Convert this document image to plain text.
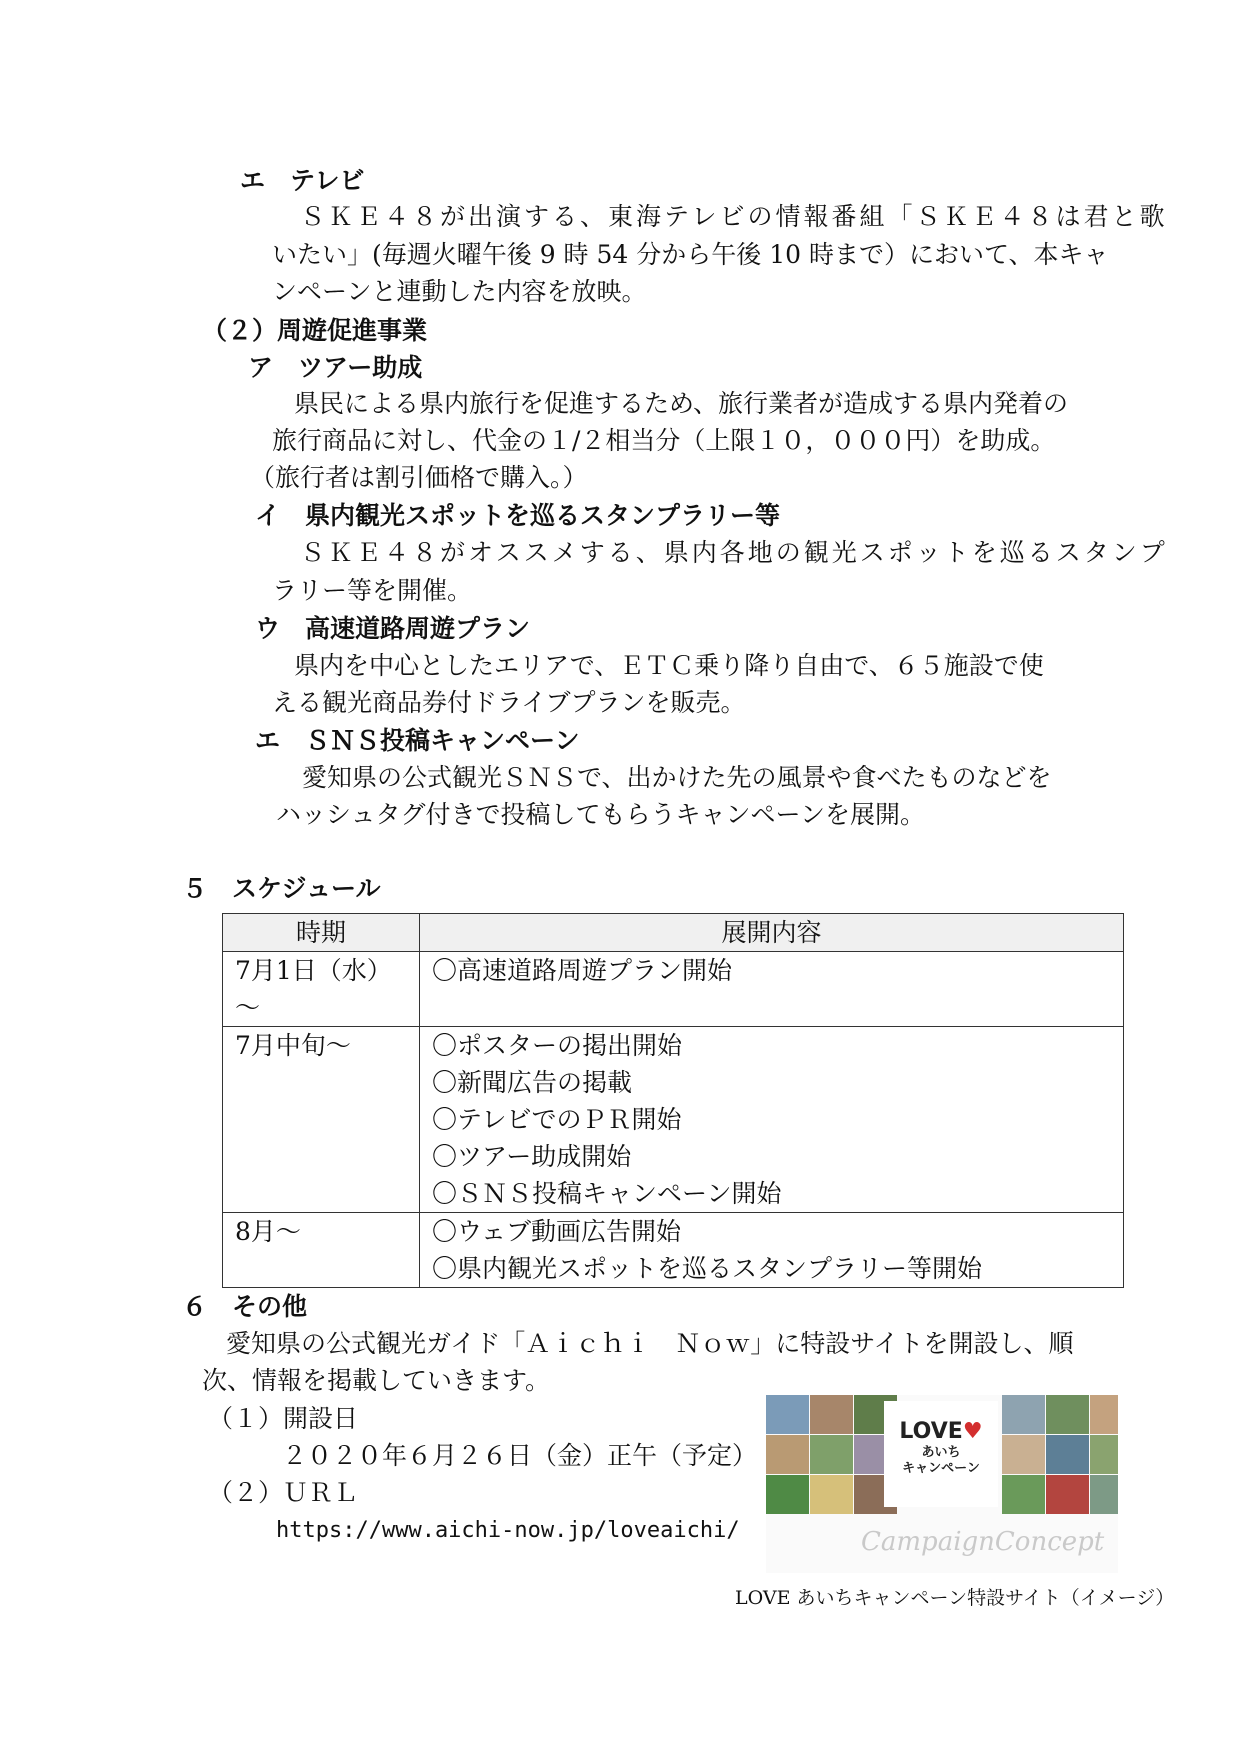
エ　テレビ
ＳＫＥ４８が出演する、東海テレビの情報番組「ＳＫＥ４８は君と歌
いたい」(毎週火曜午後 9 時 54 分から午後 10 時まで）において、本キャ
ンペーンと連動した内容を放映。
（２）周遊促進事業
ア　ツアー助成
県民による県内旅行を促進するため、旅行業者が造成する県内発着の
旅行商品に対し、代金の１/２相当分（上限１０，０００円）を助成。
（旅行者は割引価格で購入。）
イ　県内観光スポットを巡るスタンプラリー等
ＳＫＥ４８がオススメする、県内各地の観光スポットを巡るスタンプ
ラリー等を開催。
ウ　高速道路周遊プラン
県内を中心としたエリアで、ＥＴＣ乗り降り自由で、６５施設で使
える観光商品券付ドライブプランを販売。
エ　ＳＮＳ投稿キャンペーン
愛知県の公式観光ＳＮＳで、出かけた先の風景や食べたものなどを
ハッシュタグ付きで投稿してもらうキャンペーンを展開。
５　スケジュール
時期	展開内容
7月1日（水）～	〇高速道路周遊プラン開始

7月中旬～	〇ポスターの掲出開始
〇新聞広告の掲載
〇テレビでのＰＲ開始
〇ツアー助成開始
〇ＳＮＳ投稿キャンペーン開始

8月～	〇ウェブ動画広告開始
〇県内観光スポットを巡るスタンプラリー等開始
６　その他
愛知県の公式観光ガイド「Ａｉｃｈｉ　Ｎｏｗ」に特設サイトを開設し、順
次、情報を掲載していきます。
（１）開設日
２０２０年６月２６日（金）正午（予定）
（２）ＵＲＬ
https://www.aichi-now.jp/loveaichi/
LOVE♥
あいち
キャンペーン
CampaignConcept
LOVE あいちキャンペーン特設サイト（イメージ）
